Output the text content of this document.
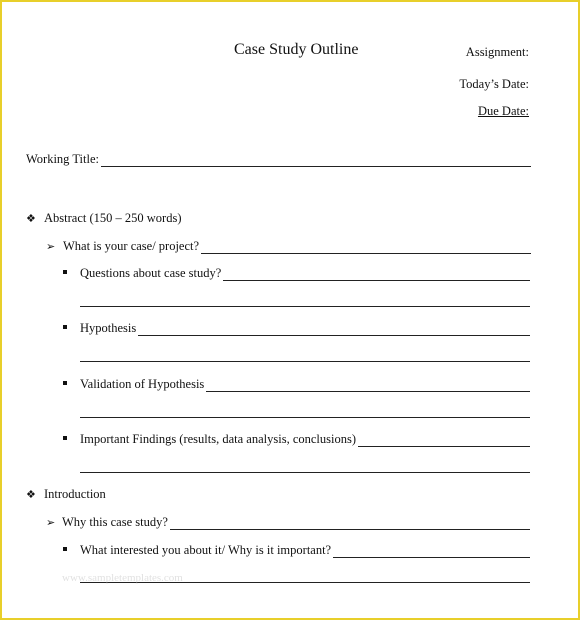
Case Study Outline	Assignment:
Today’s Date:
Due Date:
Working Title:
❖ Abstract (150 – 250 words)
➢ What is your case/ project?
Questions about case study?
Hypothesis
Validation of Hypothesis
Important Findings (results, data analysis, conclusions)
❖ Introduction
➢ Why this case study?
What interested you about it/ Why is it important?
www.sampletemplates.com
